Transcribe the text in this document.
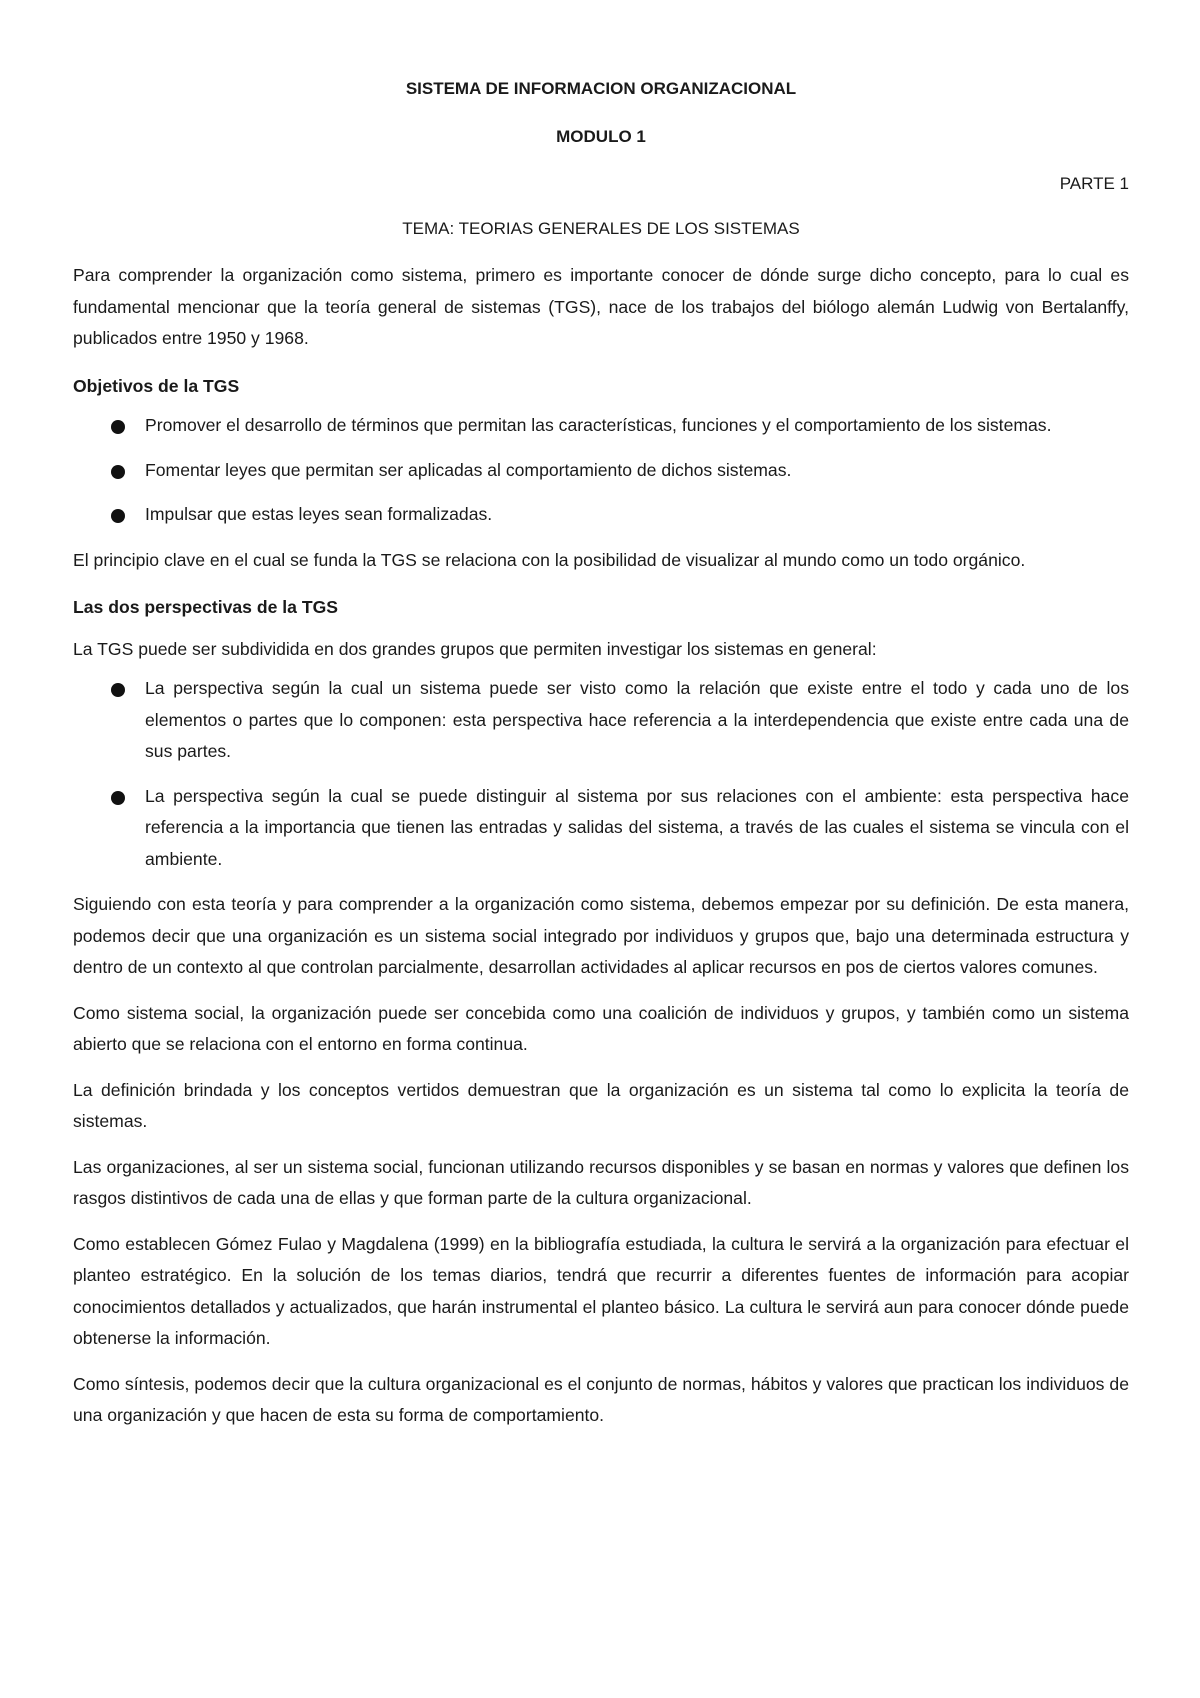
SISTEMA DE INFORMACION ORGANIZACIONAL
MODULO 1
PARTE 1
TEMA: TEORIAS GENERALES DE LOS SISTEMAS

Para comprender la organización como sistema, primero es importante conocer de dónde surge dicho concepto, para lo cual es fundamental mencionar que la teoría general de sistemas (TGS), nace de los trabajos del biólogo alemán Ludwig von Bertalanffy, publicados entre 1950 y 1968.

Objetivos de la TGS
Promover el desarrollo de términos que permitan las características, funciones y el comportamiento de los sistemas.
Fomentar leyes que permitan ser aplicadas al comportamiento de dichos sistemas.
Impulsar que estas leyes sean formalizadas.

El principio clave en el cual se funda la TGS se relaciona con la posibilidad de visualizar al mundo como un todo orgánico.

Las dos perspectivas de la TGS

La TGS puede ser subdividida en dos grandes grupos que permiten investigar los sistemas en general:

La perspectiva según la cual un sistema puede ser visto como la relación que existe entre el todo y cada uno de los elementos o partes que lo componen: esta perspectiva hace referencia a la interdependencia que existe entre cada una de sus partes.
La perspectiva según la cual se puede distinguir al sistema por sus relaciones con el ambiente: esta perspectiva hace referencia a la importancia que tienen las entradas y salidas del sistema, a través de las cuales el sistema se vincula con el ambiente.

Siguiendo con esta teoría y para comprender a la organización como sistema, debemos empezar por su definición. De esta manera, podemos decir que una organización es un sistema social integrado por individuos y grupos que, bajo una determinada estructura y dentro de un contexto al que controlan parcialmente, desarrollan actividades al aplicar recursos en pos de ciertos valores comunes.

Como sistema social, la organización puede ser concebida como una coalición de individuos y grupos, y también como un sistema abierto que se relaciona con el entorno en forma continua.

La definición brindada y los conceptos vertidos demuestran que la organización es un sistema tal como lo explicita la teoría de sistemas.

Las organizaciones, al ser un sistema social, funcionan utilizando recursos disponibles y se basan en normas y valores que definen los rasgos distintivos de cada una de ellas y que forman parte de la cultura organizacional.

Como establecen Gómez Fulao y Magdalena (1999) en la bibliografía estudiada, la cultura le servirá a la organización para efectuar el planteo estratégico. En la solución de los temas diarios, tendrá que recurrir a diferentes fuentes de información para acopiar conocimientos detallados y actualizados, que harán instrumental el planteo básico. La cultura le servirá aun para conocer dónde puede obtenerse la información.

Como síntesis, podemos decir que la cultura organizacional es el conjunto de normas, hábitos y valores que practican los individuos de una organización y que hacen de esta su forma de comportamiento.
